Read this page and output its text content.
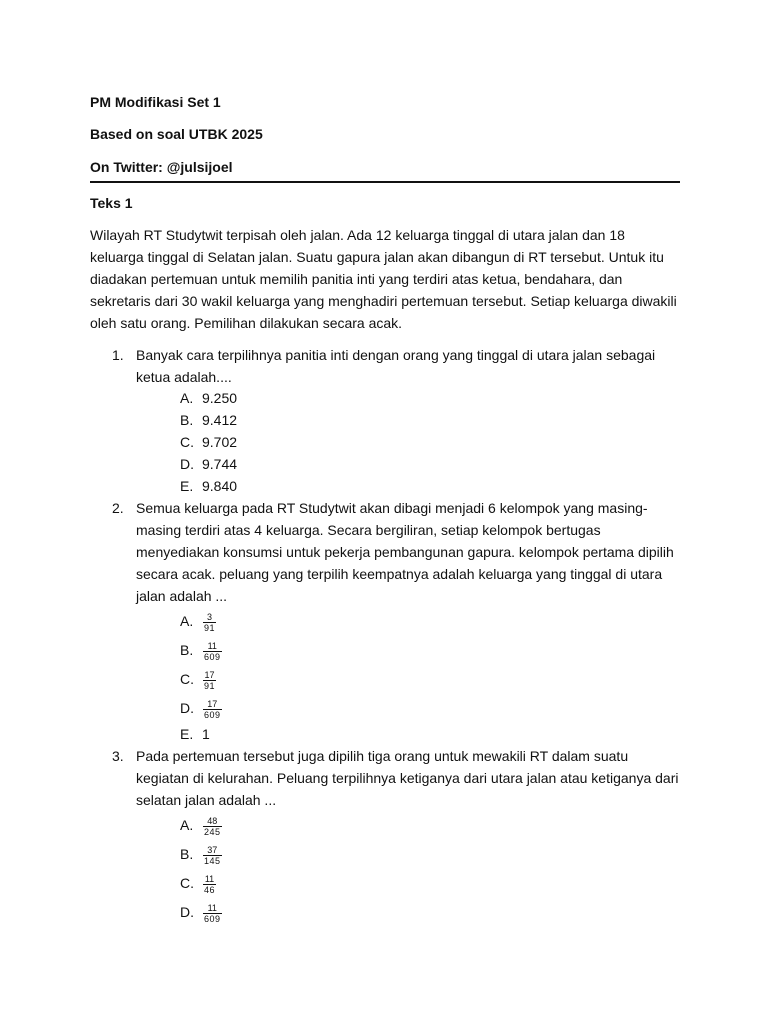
PM Modifikasi Set 1
Based on soal UTBK 2025
On Twitter: @julsijoel
Teks 1
Wilayah RT Studytwit terpisah oleh jalan. Ada 12 keluarga tinggal di utara jalan dan 18 keluarga tinggal di Selatan jalan. Suatu gapura jalan akan dibangun di RT tersebut. Untuk itu diadakan pertemuan untuk memilih panitia inti yang terdiri atas ketua, bendahara, dan sekretaris dari 30 wakil keluarga yang menghadiri pertemuan tersebut. Setiap keluarga diwakili oleh satu orang. Pemilihan dilakukan secara acak.
1. Banyak cara terpilihnya panitia inti dengan orang yang tinggal di utara jalan sebagai ketua adalah....
A. 9.250
B. 9.412
C. 9.702
D. 9.744
E. 9.840
2. Semua keluarga pada RT Studytwit akan dibagi menjadi 6 kelompok yang masing-masing terdiri atas 4 keluarga. Secara bergiliran, setiap kelompok bertugas menyediakan konsumsi untuk pekerja pembangunan gapura. kelompok pertama dipilih secara acak. peluang yang terpilih keempatnya adalah keluarga yang tinggal di utara jalan adalah ...
A. $\frac{3}{91}$
B. $\frac{11}{609}$
C. $\frac{17}{91}$
D. $\frac{17}{609}$
E. 1
3. Pada pertemuan tersebut juga dipilih tiga orang untuk mewakili RT dalam suatu kegiatan di kelurahan. Peluang terpilihnya ketiganya dari utara jalan atau ketiganya dari selatan jalan adalah ...
A. $\frac{48}{245}$
B. $\frac{37}{145}$
C. $\frac{11}{46}$
D. $\frac{11}{609}$
